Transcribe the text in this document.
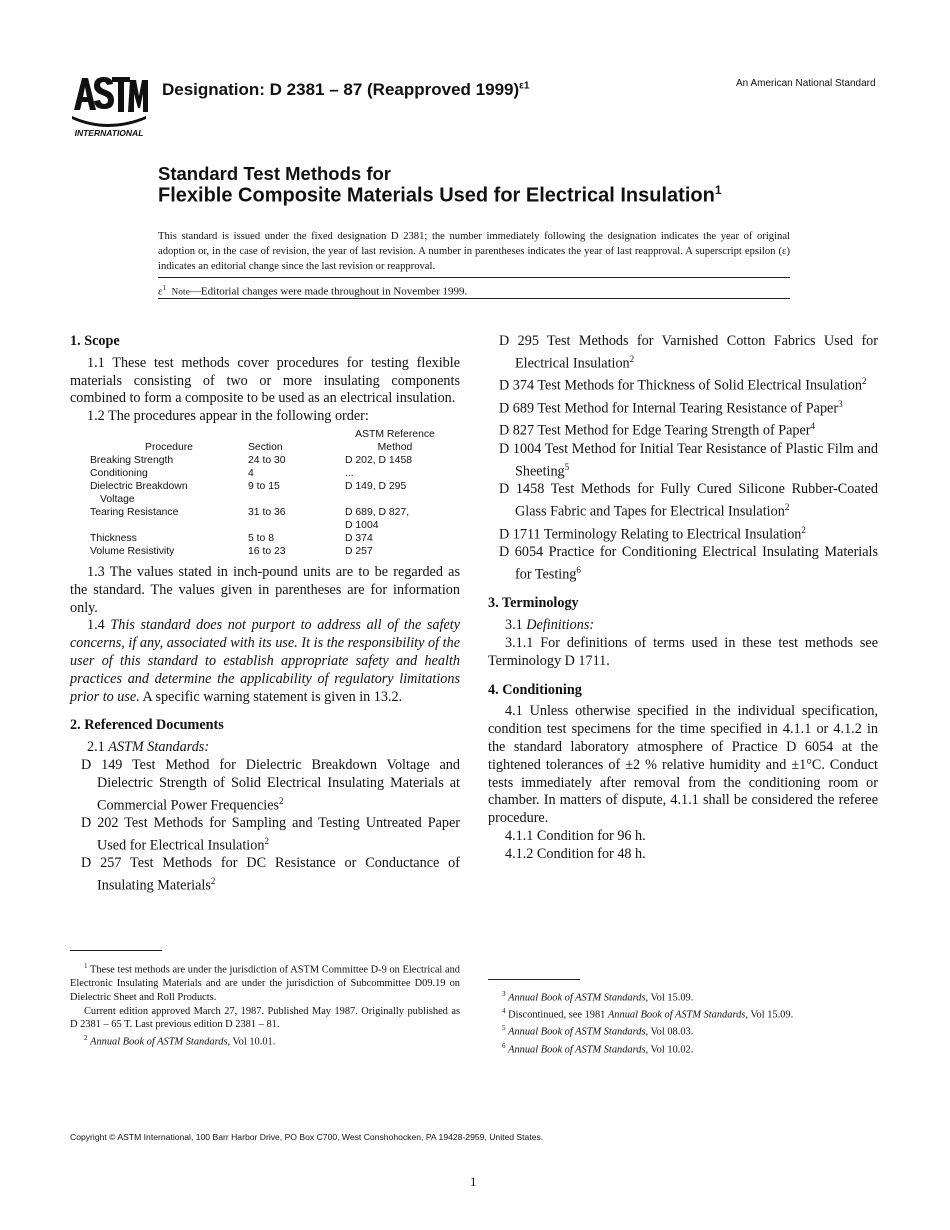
INTERNATIONAL
Designation: D 2381 – 87 (Reapproved 1999)$^{\varepsilon 1}$	An American National Standard
Standard Test Methods for
Flexible Composite Materials Used for Electrical Insulation$^1$
This standard is issued under the fixed designation D 2381; the number immediately following the designation indicates the year of original adoption or, in the case of revision, the year of last revision. A number in parentheses indicates the year of last reapproval. A superscript epsilon (ε) indicates an editorial change since the last revision or reapproval.
$\varepsilon^1$ Note—Editorial changes were made throughout in November 1999.
1. Scope

1.1 These test methods cover procedures for testing flexible materials consisting of two or more insulating components combined to form a composite to be used as an electrical insulation.

1.2 The procedures appear in the following order:

Procedure	Section	ASTM Reference
Method
Breaking Strength	24 to 30	D 202, D 1458
Conditioning	4	...
Dielectric Breakdown
Voltage	9 to 15	D 149, D 295
Tearing Resistance	31 to 36	D 689, D 827,
D 1004
Thickness	5 to 8	D 374
Volume Resistivity	16 to 23	D 257

1.3 The values stated in inch-pound units are to be regarded as the standard. The values given in parentheses are for information only.

1.4 This standard does not purport to address all of the safety concerns, if any, associated with its use. It is the responsibility of the user of this standard to establish appropriate safety and health practices and determine the applicability of regulatory limitations prior to use. A specific warning statement is given in 13.2.

2. Referenced Documents

2.1 ASTM Standards:

D 149 Test Method for Dielectric Breakdown Voltage and Dielectric Strength of Solid Electrical Insulating Materials at Commercial Power Frequencies$^2$

D 202 Test Methods for Sampling and Testing Untreated Paper Used for Electrical Insulation$^2$

D 257 Test Methods for DC Resistance or Conductance of Insulating Materials$^2$

D 295 Test Methods for Varnished Cotton Fabrics Used for Electrical Insulation$^2$

D 374 Test Methods for Thickness of Solid Electrical Insulation$^2$

D 689 Test Method for Internal Tearing Resistance of Paper$^3$

D 827 Test Method for Edge Tearing Strength of Paper$^4$

D 1004 Test Method for Initial Tear Resistance of Plastic Film and Sheeting$^5$

D 1458 Test Methods for Fully Cured Silicone Rubber-Coated Glass Fabric and Tapes for Electrical Insulation$^2$

D 1711 Terminology Relating to Electrical Insulation$^2$

D 6054 Practice for Conditioning Electrical Insulating Materials for Testing$^6$

3. Terminology

3.1 Definitions:

3.1.1 For definitions of terms used in these test methods see Terminology D 1711.

4. Conditioning

4.1 Unless otherwise specified in the individual specification, condition test specimens for the time specified in 4.1.1 or 4.1.2 in the standard laboratory atmosphere of Practice D 6054 at the tightened tolerances of ±2 % relative humidity and ±1°C. Conduct tests immediately after removal from the conditioning room or chamber. In matters of dispute, 4.1.1 shall be considered the referee procedure.

4.1.1 Condition for 96 h.

4.1.2 Condition for 48 h.

$^1$ These test methods are under the jurisdiction of ASTM Committee D-9 on Electrical and Electronic Insulating Materials and are under the jurisdiction of Subcommittee D09.19 on Dielectric Sheet and Roll Products.

Current edition approved March 27, 1987. Published May 1987. Originally published as D 2381 – 65 T. Last previous edition D 2381 – 81.

$^2$ Annual Book of ASTM Standards, Vol 10.01.

$^3$ Annual Book of ASTM Standards, Vol 15.09.

$^4$ Discontinued, see 1981 Annual Book of ASTM Standards, Vol 15.09.

$^5$ Annual Book of ASTM Standards, Vol 08.03.

$^6$ Annual Book of ASTM Standards, Vol 10.02.

Copyright © ASTM International, 100 Barr Harbor Drive, PO Box C700, West Conshohocken, PA 19428-2959, United States.
1
